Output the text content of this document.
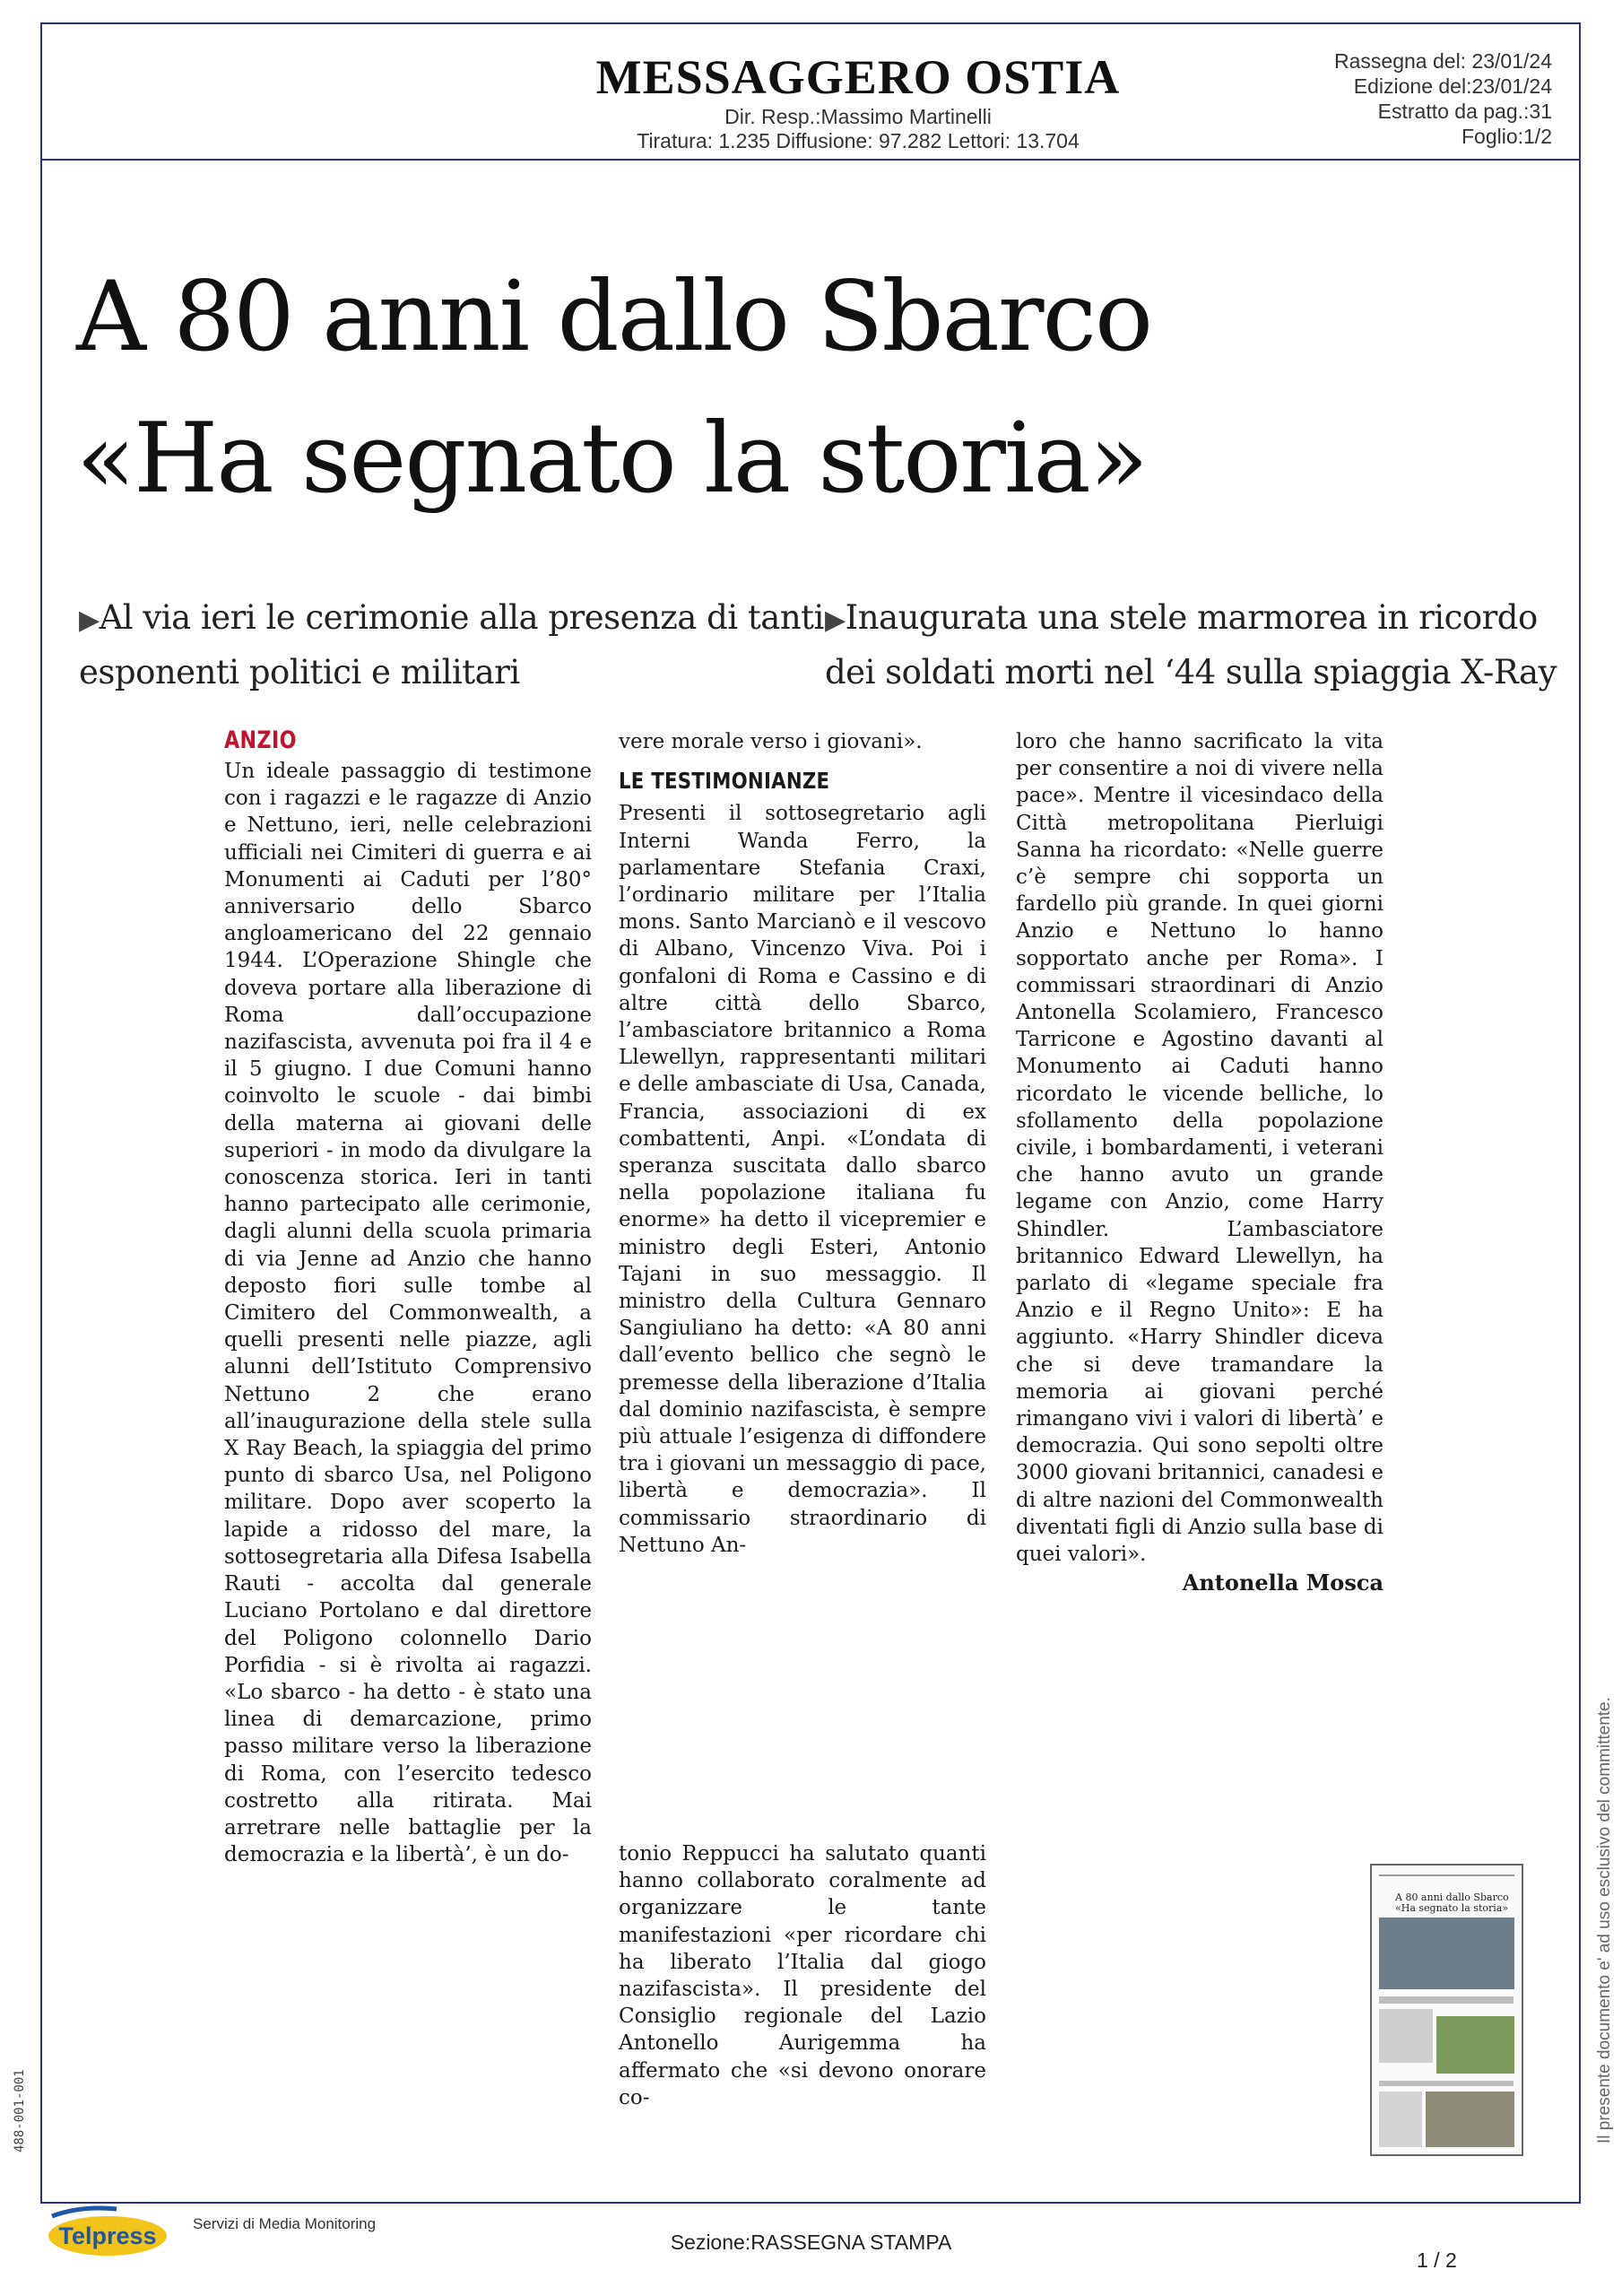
MESSAGGERO OSTIA
Dir. Resp.:Massimo Martinelli
Tiratura: 1.235 Diffusione: 97.282 Lettori: 13.704
Rassegna del: 23/01/24
Edizione del:23/01/24
Estratto da pag.:31
Foglio:1/2
A 80 anni dallo Sbarco
«Ha segnato la storia»
▶Al via ieri le cerimonie alla presenza di tanti esponenti politici e militari
▶Inaugurata una stele marmorea in ricordo dei soldati morti nel ‘44 sulla spiaggia X-Ray
ANZIO
Un ideale passaggio di testimone con i ragazzi e le ragazze di Anzio e Nettuno, ieri, nelle celebrazioni ufficiali nei Cimiteri di guerra e ai Monumenti ai Caduti per l’80° anniversario dello Sbarco angloamericano del 22 gennaio 1944. L’Operazione Shingle che doveva portare alla liberazione di Roma dall’occupazione nazifascista, avvenuta poi fra il 4 e il 5 giugno. I due Comuni hanno coinvolto le scuole - dai bimbi della materna ai giovani delle superiori - in modo da divulgare la conoscenza storica. Ieri in tanti hanno partecipato alle cerimonie, dagli alunni della scuola primaria di via Jenne ad Anzio che hanno deposto fiori sulle tombe al Cimitero del Commonwealth, a quelli presenti nelle piazze, agli alunni dell’Istituto Comprensivo Nettuno 2 che erano all’inaugurazione della stele sulla X Ray Beach, la spiaggia del primo punto di sbarco Usa, nel Poligono militare. Dopo aver scoperto la lapide a ridosso del mare, la sottosegretaria alla Difesa Isabella Rauti - accolta dal generale Luciano Portolano e dal direttore del Poligono colonnello Dario Porfidia - si è rivolta ai ragazzi. «Lo sbarco - ha detto - è stato una linea di demarcazione, primo passo militare verso la liberazione di Roma, con l’esercito tedesco costretto alla ritirata. Mai arretrare nelle battaglie per la democrazia e la libertà’, è un do-
vere morale verso i giovani».
LE TESTIMONIANZE
Presenti il sottosegretario agli Interni Wanda Ferro, la parlamentare Stefania Craxi, l’ordinario militare per l’Italia mons. Santo Marcianò e il vescovo di Albano, Vincenzo Viva. Poi i gonfaloni di Roma e Cassino e di altre città dello Sbarco, l’ambasciatore britannico a Roma Llewellyn, rappresentanti militari e delle ambasciate di Usa, Canada, Francia, associazioni di ex combattenti, Anpi. «L’ondata di speranza suscitata dallo sbarco nella popolazione italiana fu enorme» ha detto il vicepremier e ministro degli Esteri, Antonio Tajani in suo messaggio. Il ministro della Cultura Gennaro Sangiuliano ha detto: «A 80 anni dall’evento bellico che segnò le premesse della liberazione d’Italia dal dominio nazifascista, è sempre più attuale l’esigenza di diffondere tra i giovani un messaggio di pace, libertà e democrazia». Il commissario straordinario di Nettuno An-
tonio Reppucci ha salutato quanti hanno collaborato coralmente ad organizzare le tante manifestazioni «per ricordare chi ha liberato l’Italia dal giogo nazifascista». Il presidente del Consiglio regionale del Lazio Antonello Aurigemma ha affermato che «si devono onorare co-
loro che hanno sacrificato la vita per consentire a noi di vivere nella pace». Mentre il vicesindaco della Città metropolitana Pierluigi Sanna ha ricordato: «Nelle guerre c’è sempre chi sopporta un fardello più grande. In quei giorni Anzio e Nettuno lo hanno sopportato anche per Roma». I commissari straordinari di Anzio Antonella Scolamiero, Francesco Tarricone e Agostino davanti al Monumento ai Caduti hanno ricordato le vicende belliche, lo sfollamento della popolazione civile, i bombardamenti, i veterani che hanno avuto un grande legame con Anzio, come Harry Shindler. L’ambasciatore britannico Edward Llewellyn, ha parlato di «legame speciale fra Anzio e il Regno Unito»: E ha aggiunto. «Harry Shindler diceva che si deve tramandare la memoria ai giovani perché rimangano vivi i valori di libertà’ e democrazia. Qui sono sepolti oltre 3000 giovani britannici, canadesi e di altre nazioni del Commonwealth diventati figli di Anzio sulla base di quei valori».
Antonella Mosca
A 80 anni dallo Sbarco
«Ha segnato la storia»	Il presente documento e' ad uso esclusivo del committente.
488-001-001
Telpress Servizi di Media Monitoring
Sezione:RASSEGNA STAMPA
1 / 2
